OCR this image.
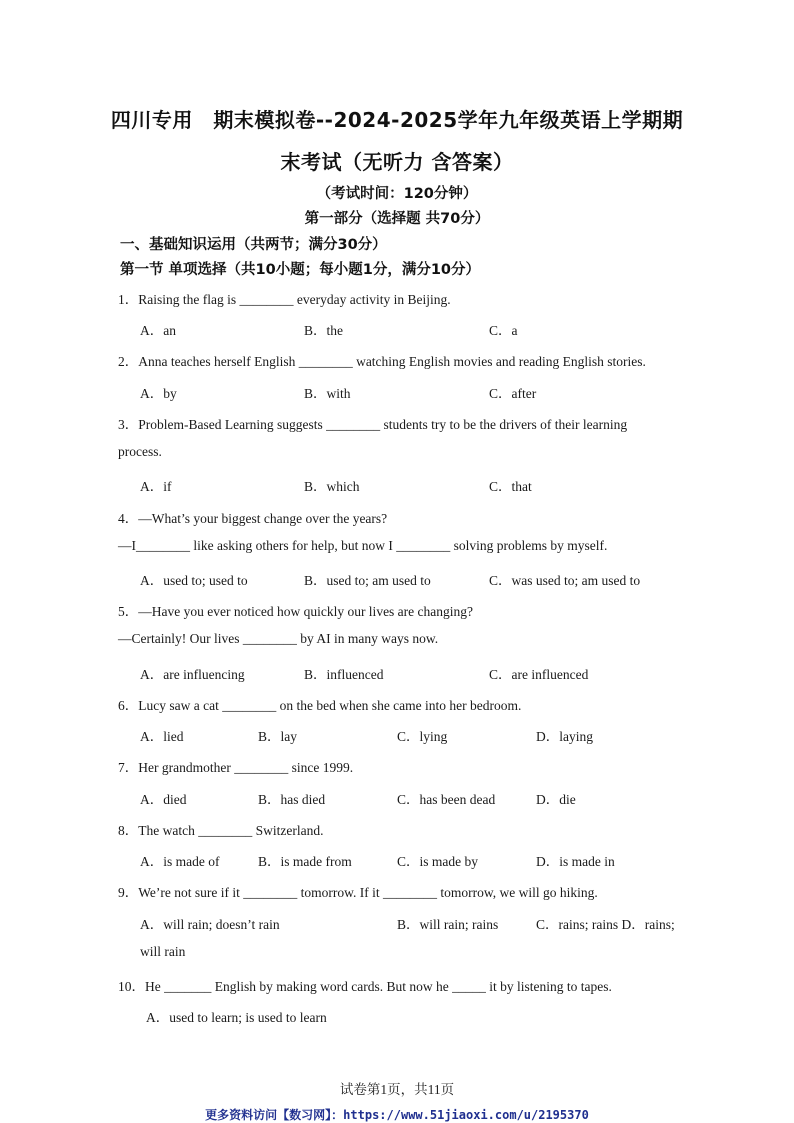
四川专用　期末模拟卷--2024-2025学年九年级英语上学期期
末考试（无听力 含答案）
（考试时间：120分钟）
第一部分（选择题 共70分）
一、基础知识运用（共两节；满分30分）
第一节 单项选择（共10小题；每小题1分，满分10分）
1．Raising the flag is ________ everyday activity in Beijing.
A．an	B．the	C．a
2．Anna teaches herself English ________ watching English movies and reading English stories.
A．by	B．with	C．after
3．Problem-Based Learning suggests ________ students try to be the drivers of their learning
process.
A．if	B．which	C．that
4．—What’s your biggest change over the years?
—I________ like asking others for help, but now I ________ solving problems by myself.
A．used to; used to	B．used to; am used to	C．was used to; am used to
5．—Have you ever noticed how quickly our lives are changing?
—Certainly! Our lives ________ by AI in many ways now.
A．are influencing	B．influenced	C．are influenced
6．Lucy saw a cat ________ on the bed when she came into her bedroom.
A．lied	B．lay	C．lying	D．laying
7．Her grandmother ________ since 1999.
A．died	B．has died	C．has been dead	D．die
8．The watch ________ Switzerland.
A．is made of	B．is made from	C．is made by	D．is made in
9．We’re not sure if it ________ tomorrow. If it ________ tomorrow, we will go hiking.
A．will rain; doesn’t rain	B．will rain; rains	C．rains; rains D．rains;
will rain
10．He _______ English by making word cards. But now he _____ it by listening to tapes.
A．used to learn; is used to learn
试卷第1页，共11页
更多资料访问【数习网】：https://www.51jiaoxi.com/u/2195370
